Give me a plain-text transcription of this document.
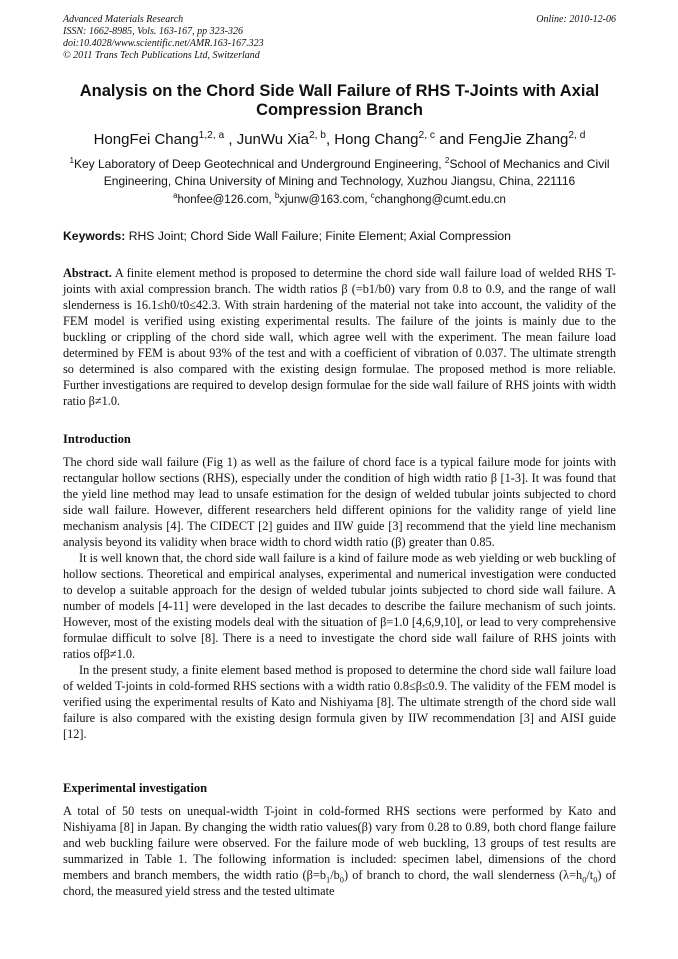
Advanced Materials Research
ISSN: 1662-8985, Vols. 163-167, pp 323-326
doi:10.4028/www.scientific.net/AMR.163-167.323
© 2011 Trans Tech Publications Ltd, Switzerland
Online: 2010-12-06
Analysis on the Chord Side Wall Failure of RHS T-Joints with Axial Compression Branch
HongFei Chang$^{1,2, a}$ , JunWu Xia$^{2, b}$, Hong Chang$^{2, c}$ and FengJie Zhang$^{2, d}$
$^1$Key Laboratory of Deep Geotechnical and Underground Engineering, $^2$School of Mechanics and Civil Engineering, China University of Mining and Technology, Xuzhou Jiangsu, China, 221116
$^a$honfee@126.com, $^b$xjunw@163.com, $^c$changhong@cumt.edu.cn
Keywords: RHS Joint; Chord Side Wall Failure; Finite Element; Axial Compression

Abstract. A finite element method is proposed to determine the chord side wall failure load of welded RHS T-joints with axial compression branch. The width ratios β (=b1/b0) vary from 0.8 to 0.9, and the range of wall slenderness is 16.1≤h0/t0≤42.3. With strain hardening of the material not take into account, the validity of the FEM model is verified using existing experimental results. The failure of the joints is mainly due to the buckling or crippling of the chord side wall, which agree well with the experiment. The mean failure load determined by FEM is about 93% of the test and with a coefficient of vibration of 0.037. The ultimate strength so determined is also compared with the existing design formulae. The proposed method is more reliable. Further investigations are required to develop design formulae for the side wall failure of RHS joints with width ratio β≠1.0.

Introduction

The chord side wall failure (Fig 1) as well as the failure of chord face is a typical failure mode for joints with rectangular hollow sections (RHS), especially under the condition of high width ratio β [1-3]. It was found that the yield line method may lead to unsafe estimation for the design of welded tubular joints subjected to chord side wall failure. However, different researchers held different opinions for the validity range of yield line mechanism analysis [4]. The CIDECT [2] guides and IIW guide [3] recommend that the yield line mechanism analysis beyond its validity when brace width to chord width ratio (β) greater than 0.85.

It is well known that, the chord side wall failure is a kind of failure mode as web yielding or web buckling of hollow sections. Theoretical and empirical analyses, experimental and numerical investigation were conducted to develop a suitable approach for the design of welded tubular joints subjected to chord side wall failure. A number of models [4-11] were developed in the last decades to describe the failure mechanism of such joints. However, most of the existing models deal with the situation of β=1.0 [4,6,9,10], or lead to very comprehensive formulae difficult to solve [8]. There is a need to investigate the chord side wall failure of RHS joints with ratios ofβ≠1.0.

In the present study, a finite element based method is proposed to determine the chord side wall failure load of welded T-joints in cold-formed RHS sections with a width ratio 0.8≤β≤0.9. The validity of the FEM model is verified using the experimental results of Kato and Nishiyama [8]. The ultimate strength of the chord side wall failure is also compared with the existing design formula given by IIW recommendation [3] and AISI guide [12].

Experimental investigation

A total of 50 tests on unequal-width T-joint in cold-formed RHS sections were performed by Kato and Nishiyama [8] in Japan. By changing the width ratio values(β) vary from 0.28 to 0.89, both chord flange failure and web buckling failure were observed. For the failure mode of web buckling, 13 groups of test results are summarized in Table 1. The following information is included: specimen label, dimensions of the chord members and branch members, the width ratio $(\beta=b_1/b_0)$ of branch to chord, the wall slenderness $(\lambda=h_0/t_0)$ of chord, the measured yield stress and the tested ultimate
